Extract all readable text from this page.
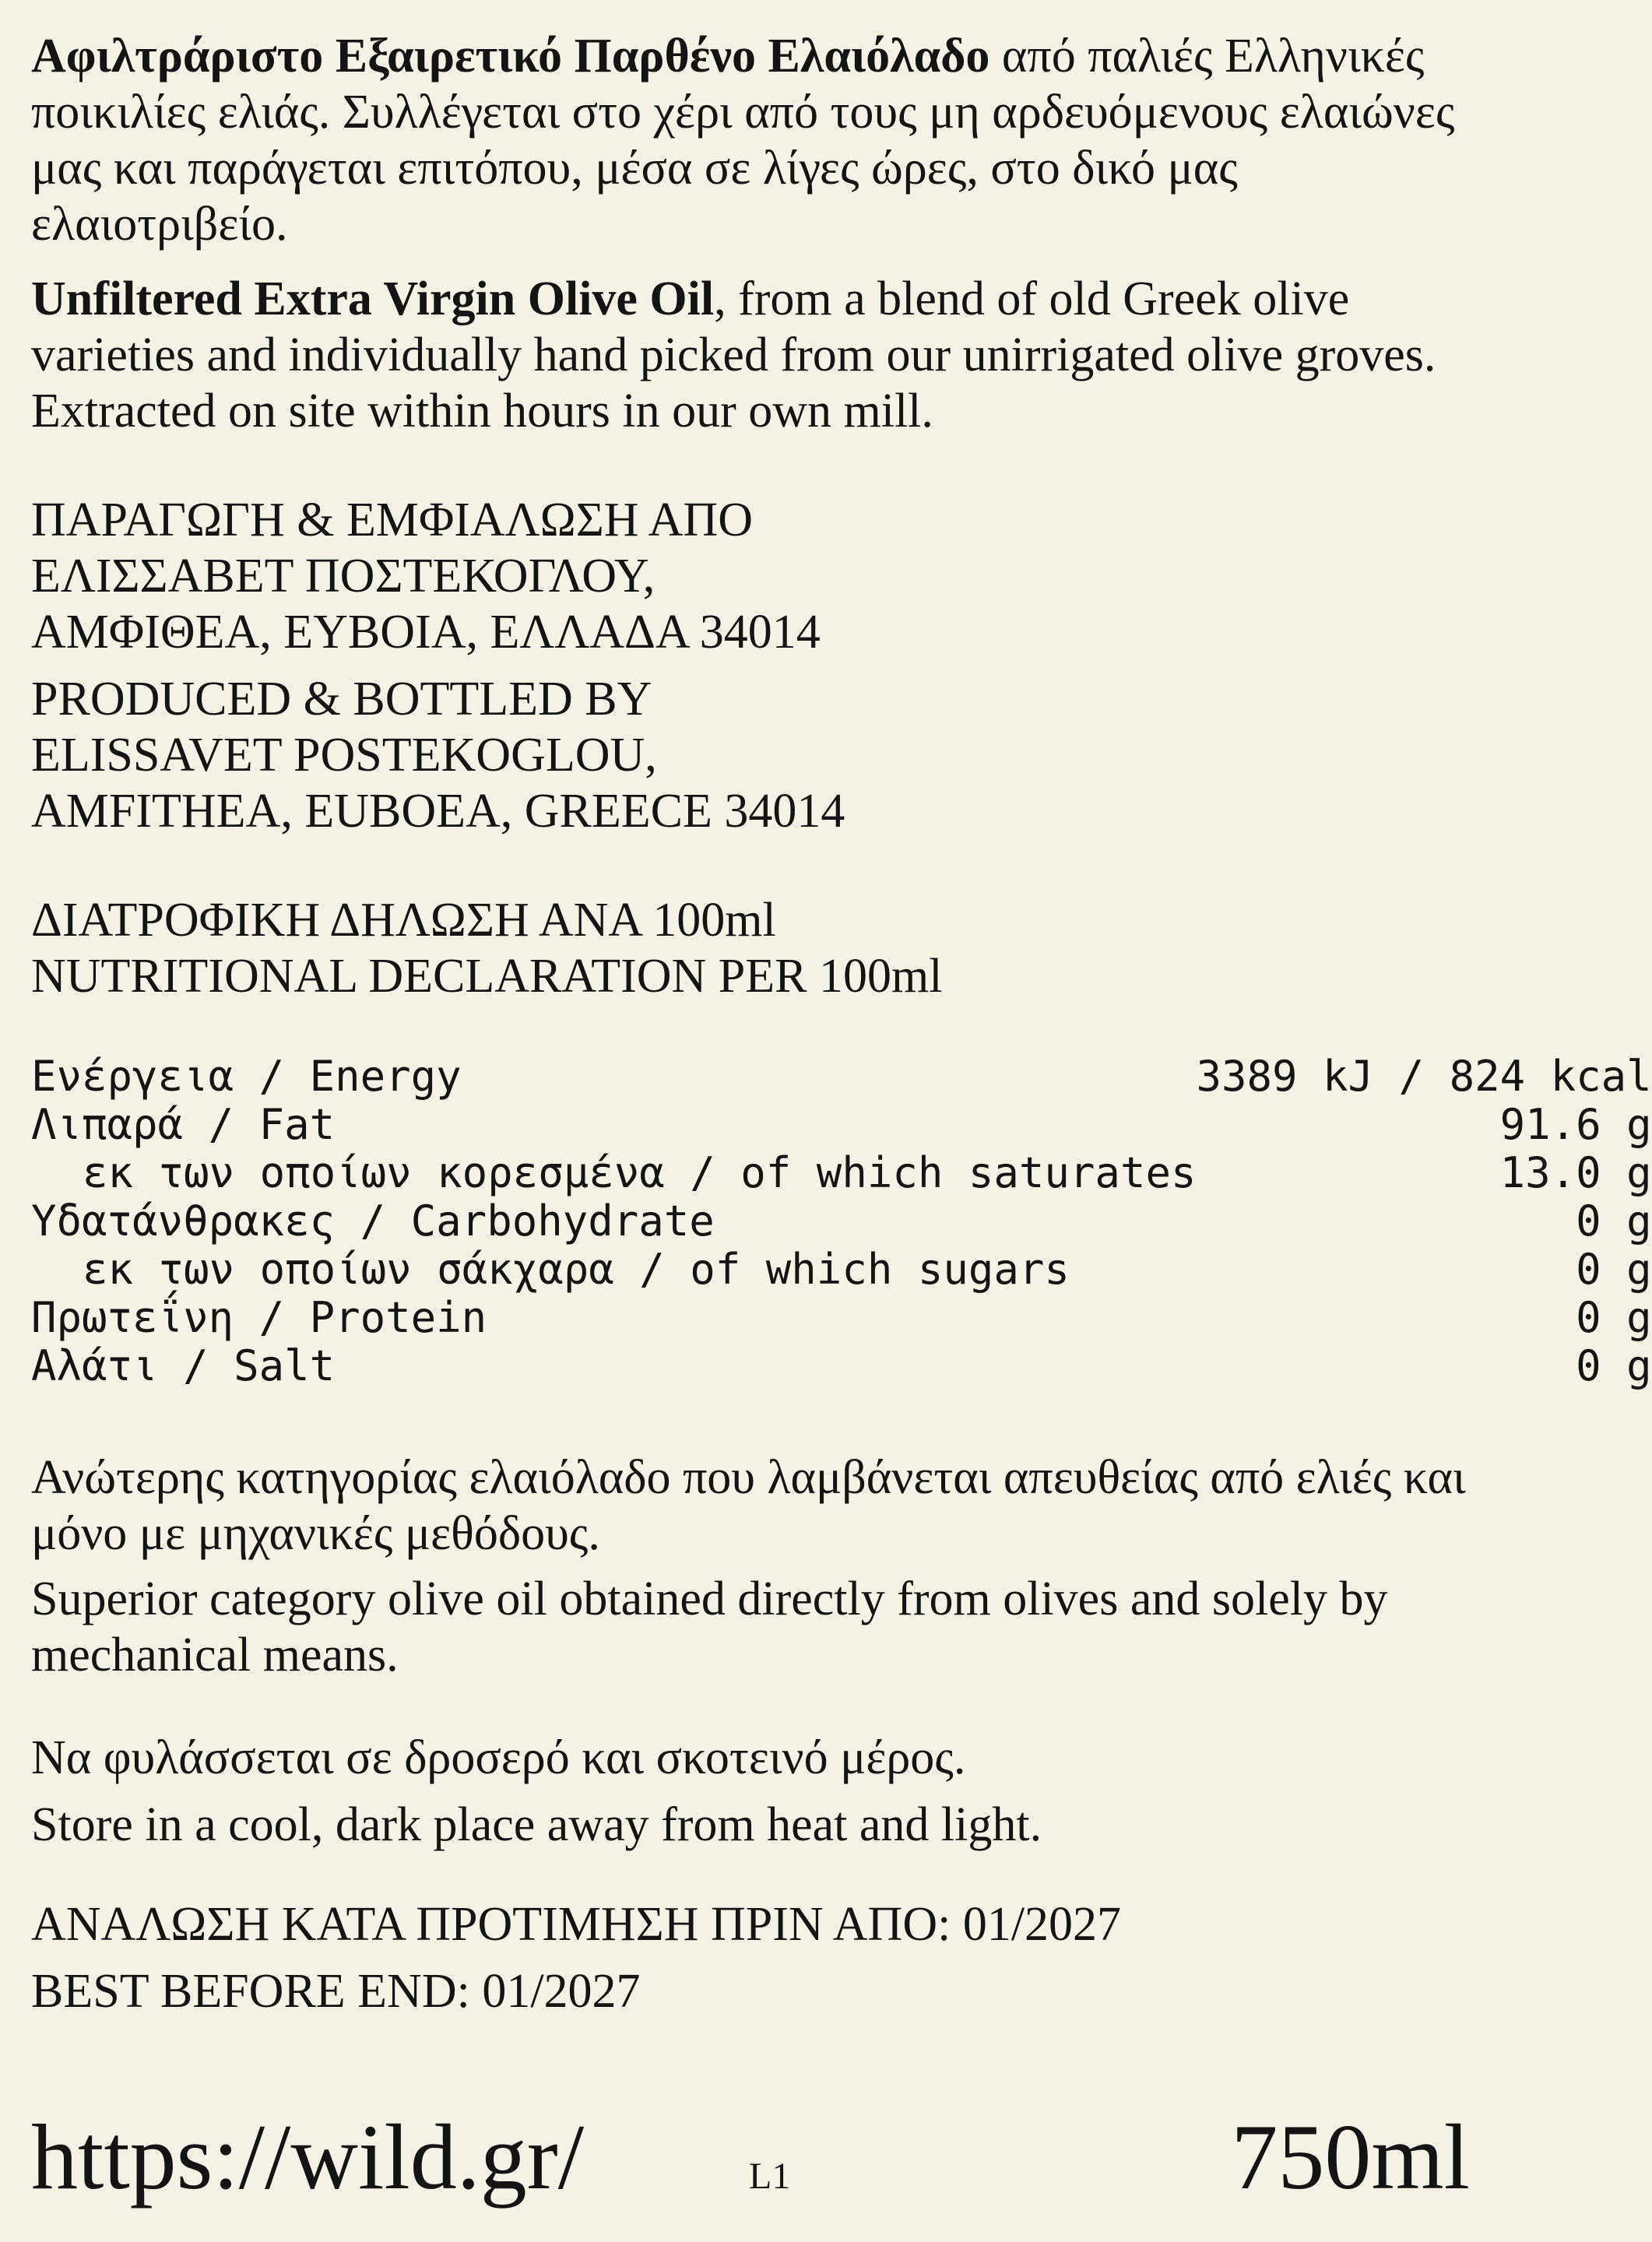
Αφιλτράριστο Εξαιρετικό Παρθένο Ελαιόλαδο από παλιές Ελληνικές ποικιλίες ελιάς. Συλλέγεται στο χέρι από τους μη αρδευόμενους ελαιώνες μας και παράγεται επιτόπου, μέσα σε λίγες ώρες, στο δικό μας ελαιοτριβείο.

Unfiltered Extra Virgin Olive Oil, from a blend of old Greek olive varieties and individually hand picked from our unirrigated olive groves. Extracted on site within hours in our own mill.

ΠΑΡΑΓΩΓΗ & ΕΜΦΙΑΛΩΣΗ ΑΠΟ
ΕΛΙΣΣΑΒΕΤ ΠΟΣΤΕΚΟΓΛΟΥ,
ΑΜΦΙΘΕΑ, ΕΥΒΟΙΑ, ΕΛΛΑΔΑ 34014

PRODUCED & BOTTLED BY
ELISSAVET POSTEKOGLOU,
AMFITHEA, EUBOEA, GREECE 34014

ΔΙΑΤΡΟΦΙΚΗ ΔΗΛΩΣΗ ΑΝΑ 100ml
NUTRITIONAL DECLARATION PER 100ml

Ενέργεια / Energy	3389 kJ / 824 kcal
Λιπαρά / Fat	91.6 g
εκ των οποίων κορεσμένα / of which saturates	13.0 g
Υδατάνθρακες / Carbohydrate	0 g
εκ των οποίων σάκχαρα / of which sugars	0 g
Πρωτεΐνη / Protein	0 g
Αλάτι / Salt	0 g

Ανώτερης κατηγορίας ελαιόλαδο που λαμβάνεται απευθείας από ελιές και μόνο με μηχανικές μεθόδους.

Superior category olive oil obtained directly from olives and solely by mechanical means.

Να φυλάσσεται σε δροσερό και σκοτεινό μέρος.

Store in a cool, dark place away from heat and light.

ΑΝΑΛΩΣΗ ΚΑΤΑ ΠΡΟΤΙΜΗΣΗ ΠΡΙΝ ΑΠΟ: 01/2027

BEST BEFORE END: 01/2027

https://wild.gr/	L1	750ml
